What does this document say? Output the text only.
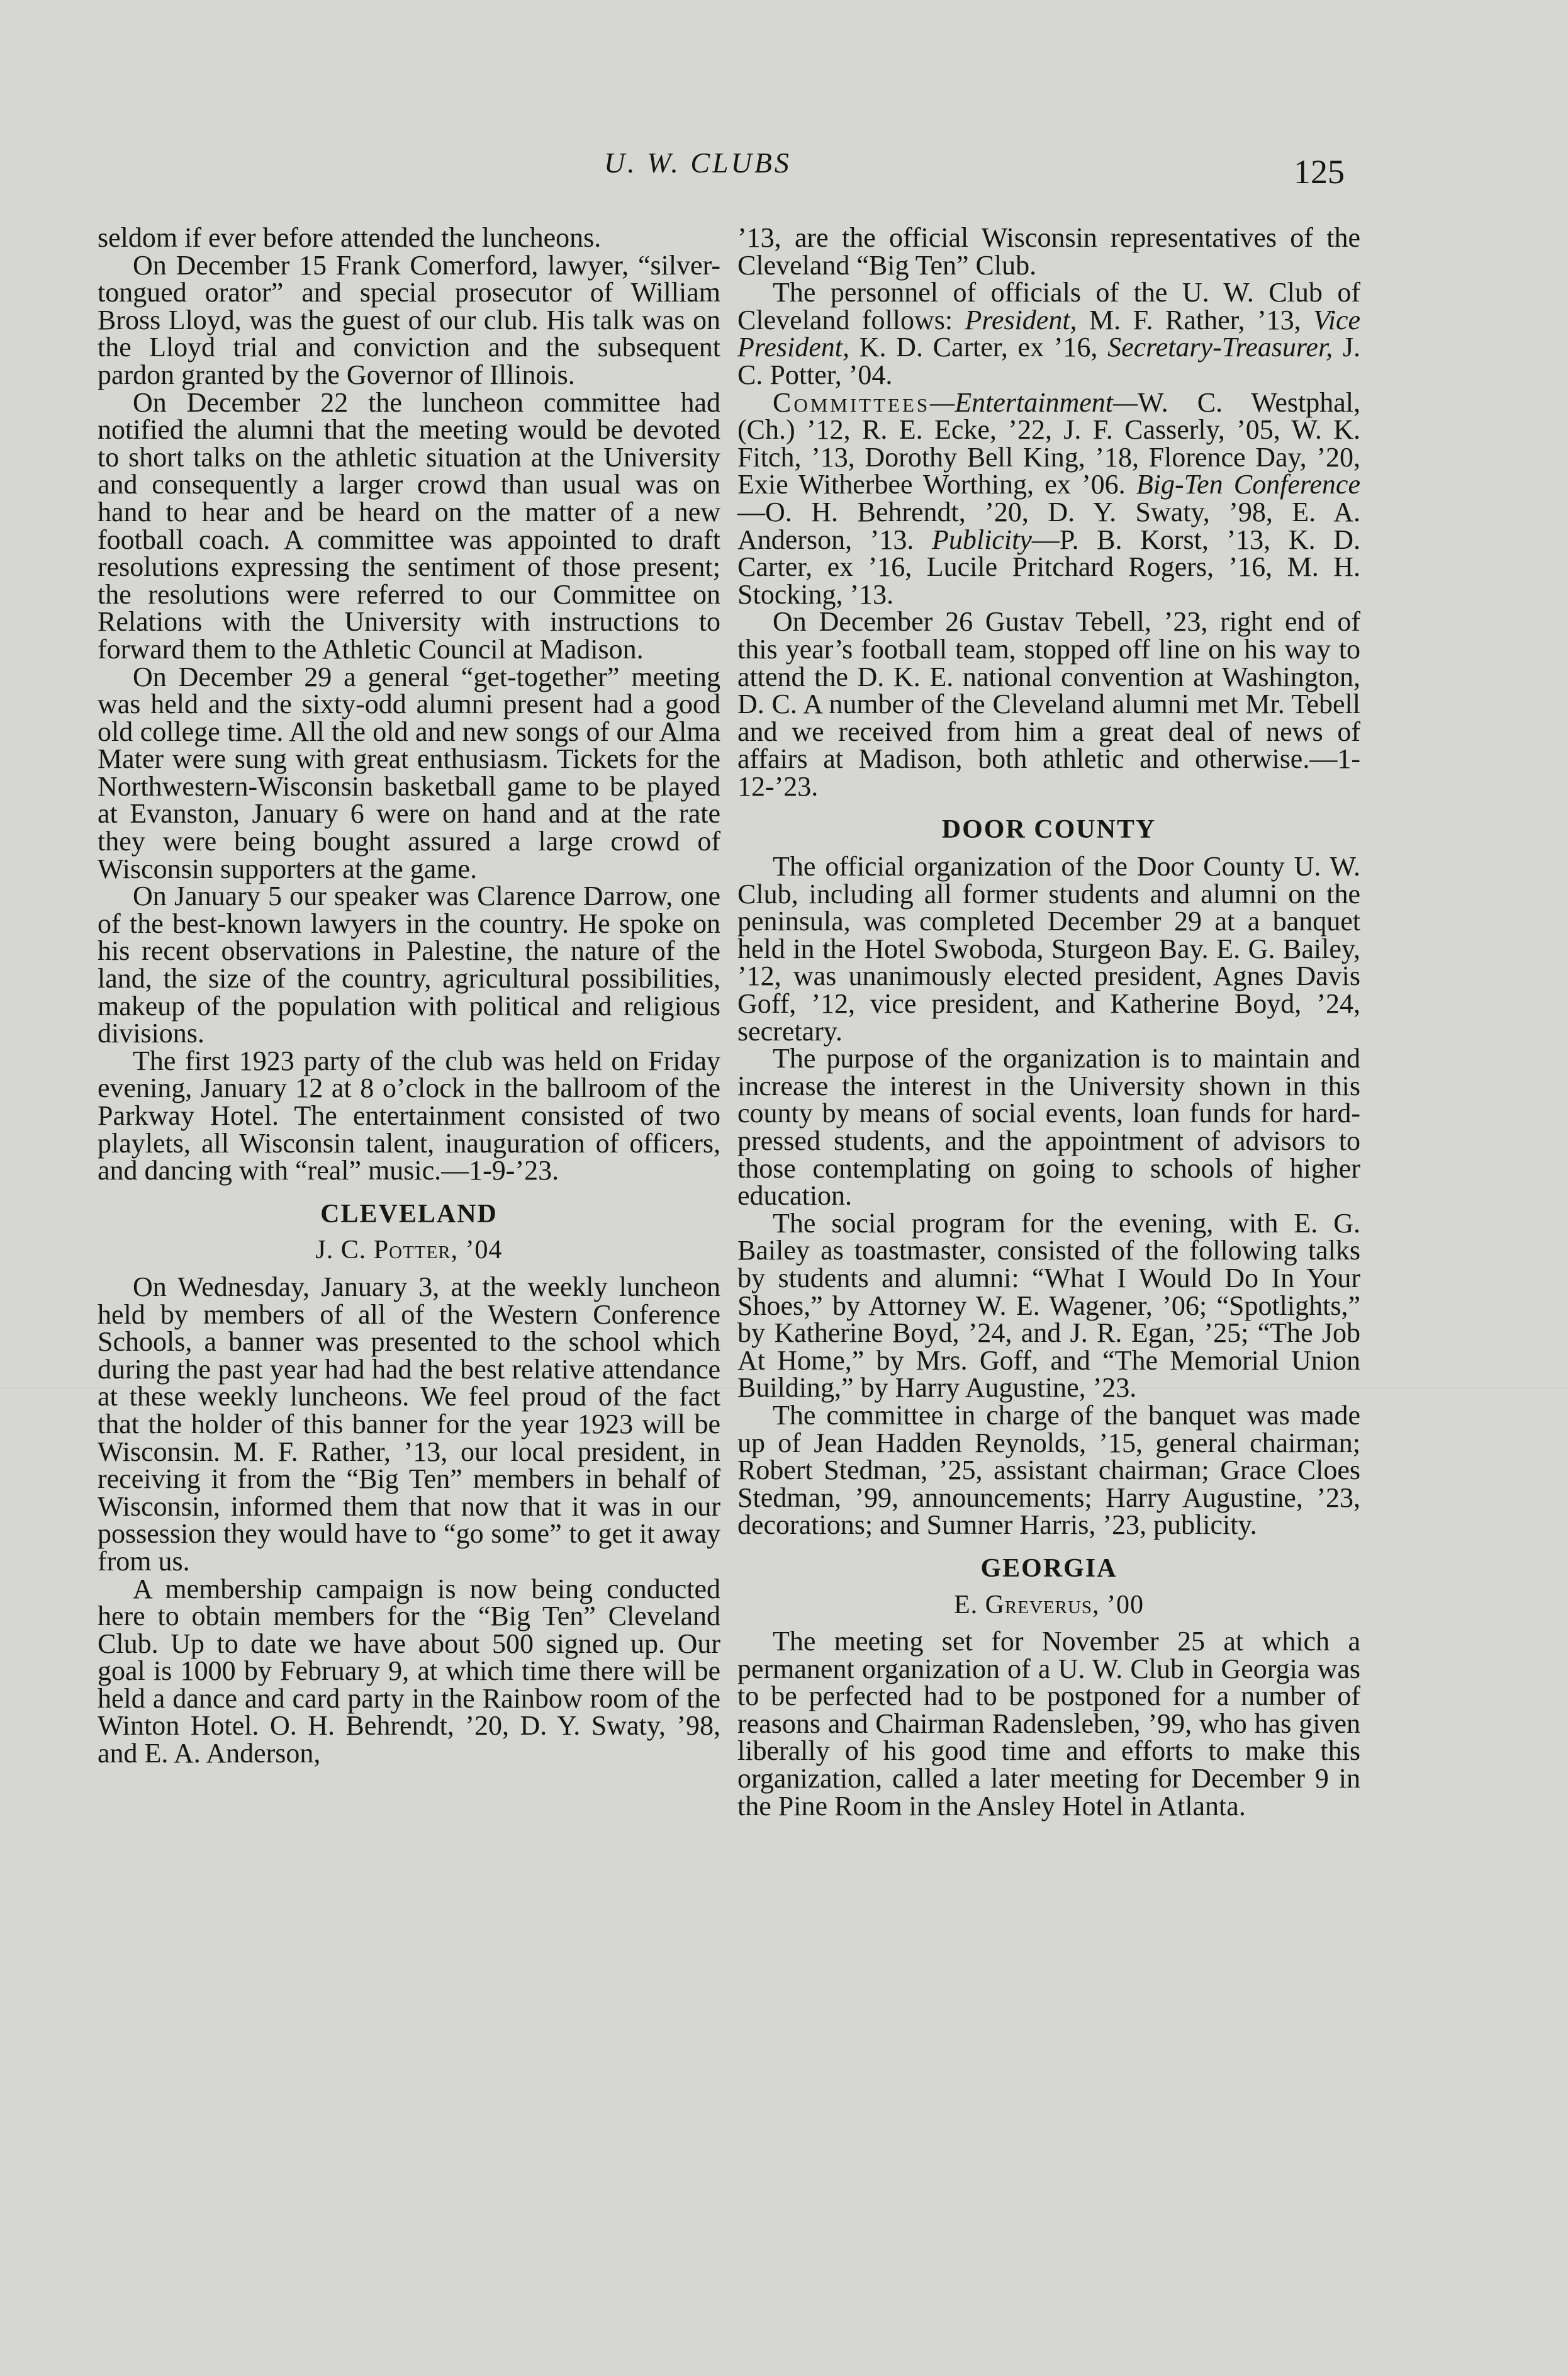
U. W. CLUBS	125

seldom if ever before attended the luncheons.

On December 15 Frank Comerford, lawyer, “silver-tongued orator” and special prosecutor of William Bross Lloyd, was the guest of our club. His talk was on the Lloyd trial and conviction and the subsequent pardon granted by the Governor of Illinois.

On December 22 the luncheon committee had notified the alumni that the meeting would be devoted to short talks on the athletic situation at the University and consequently a larger crowd than usual was on hand to hear and be heard on the matter of a new football coach. A committee was appointed to draft resolutions expressing the sentiment of those present; the resolutions were referred to our Committee on Relations with the University with instructions to forward them to the Athletic Council at Madison.

On December 29 a general “get-together” meeting was held and the sixty-odd alumni present had a good old college time. All the old and new songs of our Alma Mater were sung with great enthusiasm. Tickets for the Northwestern-Wisconsin basketball game to be played at Evanston, January 6 were on hand and at the rate they were being bought assured a large crowd of Wisconsin supporters at the game.

On January 5 our speaker was Clarence Darrow, one of the best-known lawyers in the country. He spoke on his recent observations in Palestine, the nature of the land, the size of the country, agricultural possibilities, makeup of the population with political and religious divisions.

The first 1923 party of the club was held on Friday evening, January 12 at 8 o’clock in the ballroom of the Parkway Hotel. The entertainment consisted of two playlets, all Wisconsin talent, inauguration of officers, and dancing with “real” music.—1-9-’23.

CLEVELAND
J. C. Potter, ’04

On Wednesday, January 3, at the weekly luncheon held by members of all of the Western Conference Schools, a banner was presented to the school which during the past year had had the best relative attendance at these weekly luncheons. We feel proud of the fact that the holder of this banner for the year 1923 will be Wisconsin. M. F. Rather, ’13, our local president, in receiving it from the “Big Ten” members in behalf of Wisconsin, informed them that now that it was in our possession they would have to “go some” to get it away from us.

A membership campaign is now being conducted here to obtain members for the “Big Ten” Cleveland Club. Up to date we have about 500 signed up. Our goal is 1000 by February 9, at which time there will be held a dance and card party in the Rainbow room of the Winton Hotel. O. H. Behrendt, ’20, D. Y. Swaty, ’98, and E. A. Anderson,

’13, are the official Wisconsin representatives of the Cleveland “Big Ten” Club.

The personnel of officials of the U. W. Club of Cleveland follows: President, M. F. Rather, ’13, Vice President, K. D. Carter, ex ’16, Secretary-Treasurer, J. C. Potter, ’04.

Committees—Entertainment—W. C. Westphal, (Ch.) ’12, R. E. Ecke, ’22, J. F. Casserly, ’05, W. K. Fitch, ’13, Dorothy Bell King, ’18, Florence Day, ’20, Exie Witherbee Worthing, ex ’06. Big-Ten Conference—O. H. Behrendt, ’20, D. Y. Swaty, ’98, E. A. Anderson, ’13. Publicity—P. B. Korst, ’13, K. D. Carter, ex ’16, Lucile Pritchard Rogers, ’16, M. H. Stocking, ’13.

On December 26 Gustav Tebell, ’23, right end of this year’s football team, stopped off line on his way to attend the D. K. E. national convention at Washington, D. C. A number of the Cleveland alumni met Mr. Tebell and we received from him a great deal of news of affairs at Madison, both athletic and otherwise.—1-12-’23.

DOOR COUNTY

The official organization of the Door County U. W. Club, including all former students and alumni on the peninsula, was completed December 29 at a banquet held in the Hotel Swoboda, Sturgeon Bay. E. G. Bailey, ’12, was unanimously elected president, Agnes Davis Goff, ’12, vice president, and Katherine Boyd, ’24, secretary.

The purpose of the organization is to maintain and increase the interest in the University shown in this county by means of social events, loan funds for hard-pressed students, and the appointment of advisors to those contemplating on going to schools of higher education.

The social program for the evening, with E. G. Bailey as toastmaster, consisted of the following talks by students and alumni: “What I Would Do In Your Shoes,” by Attorney W. E. Wagener, ’06; “Spotlights,” by Katherine Boyd, ’24, and J. R. Egan, ’25; “The Job At Home,” by Mrs. Goff, and “The Memorial Union Building,” by Harry Augustine, ’23.

The committee in charge of the banquet was made up of Jean Hadden Reynolds, ’15, general chairman; Robert Stedman, ’25, assistant chairman; Grace Cloes Stedman, ’99, announcements; Harry Augustine, ’23, decorations; and Sumner Harris, ’23, publicity.

GEORGIA
E. Greverus, ’00

The meeting set for November 25 at which a permanent organization of a U. W. Club in Georgia was to be perfected had to be postponed for a number of reasons and Chairman Radensleben, ’99, who has given liberally of his good time and efforts to make this organization, called a later meeting for December 9 in the Pine Room in the Ansley Hotel in Atlanta.
